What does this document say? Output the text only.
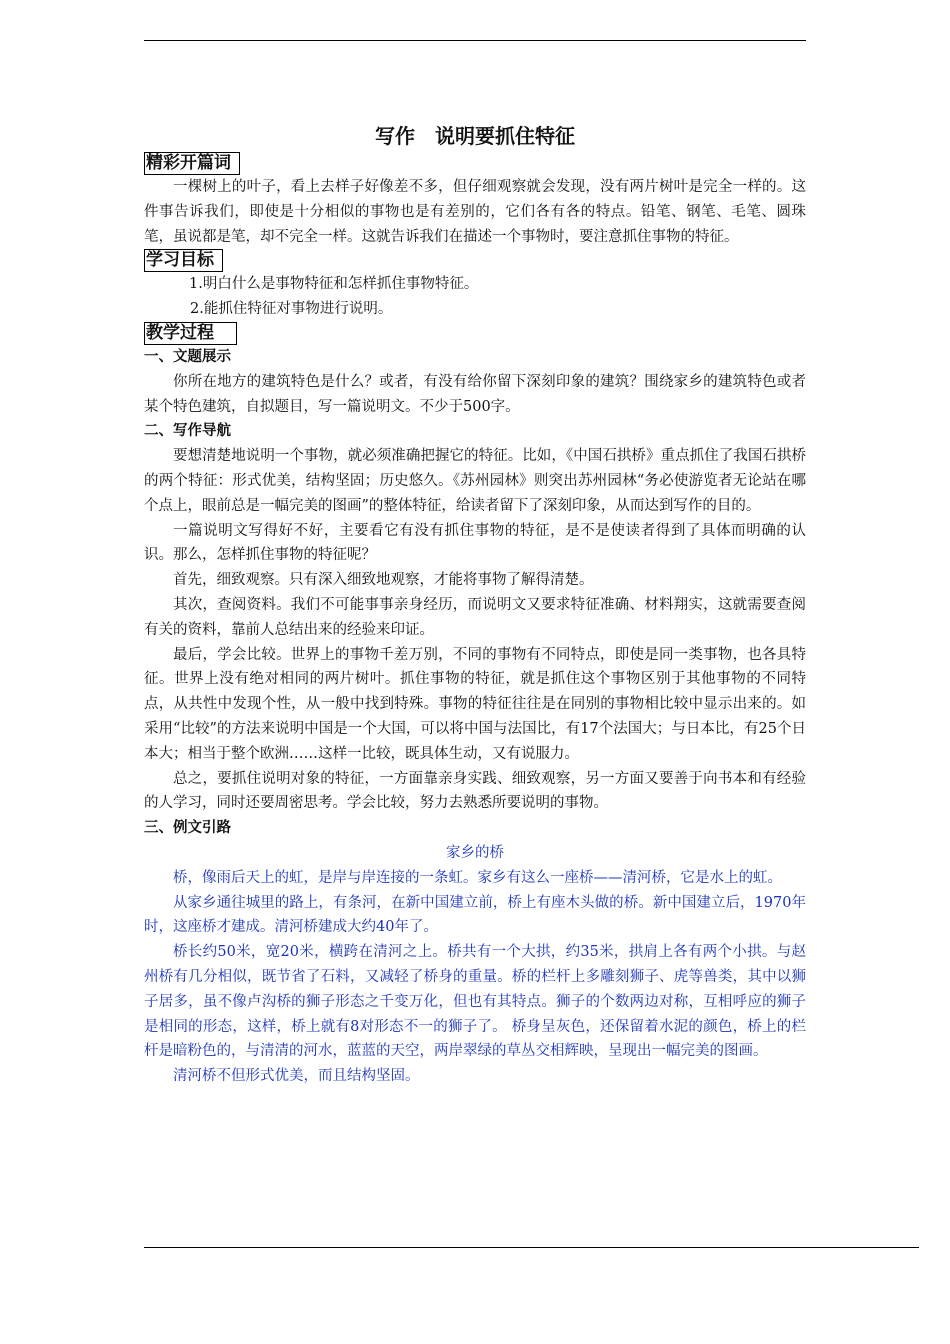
写作　说明要抓住特征
精彩开篇词

一棵树上的叶子，看上去样子好像差不多，但仔细观察就会发现，没有两片树叶是完全一样的。这件事告诉我们，即使是十分相似的事物也是有差别的，它们各有各的特点。铅笔、钢笔、毛笔、圆珠笔，虽说都是笔，却不完全一样。这就告诉我们在描述一个事物时，要注意抓住事物的特征。

学习目标

1.明白什么是事物特征和怎样抓住事物特征。

2.能抓住特征对事物进行说明。

教学过程

一、文题展示

你所在地方的建筑特色是什么？或者，有没有给你留下深刻印象的建筑？围绕家乡的建筑特色或者某个特色建筑，自拟题目，写一篇说明文。不少于500字。

二、写作导航

要想清楚地说明一个事物，就必须准确把握它的特征。比如，《中国石拱桥》重点抓住了我国石拱桥的两个特征：形式优美，结构坚固；历史悠久。《苏州园林》则突出苏州园林“务必使游览者无论站在哪个点上，眼前总是一幅完美的图画”的整体特征，给读者留下了深刻印象，从而达到写作的目的。

一篇说明文写得好不好，主要看它有没有抓住事物的特征，是不是使读者得到了具体而明确的认识。那么，怎样抓住事物的特征呢？

首先，细致观察。只有深入细致地观察，才能将事物了解得清楚。

其次，查阅资料。我们不可能事事亲身经历，而说明文又要求特征准确、材料翔实，这就需要查阅有关的资料，靠前人总结出来的经验来印证。

最后，学会比较。世界上的事物千差万别，不同的事物有不同特点，即使是同一类事物，也各具特征。世界上没有绝对相同的两片树叶。抓住事物的特征，就是抓住这个事物区别于其他事物的不同特点，从共性中发现个性，从一般中找到特殊。事物的特征往往是在同别的事物相比较中显示出来的。如采用“比较”的方法来说明中国是一个大国，可以将中国与法国比，有17个法国大；与日本比，有25个日本大；相当于整个欧洲……这样一比较，既具体生动，又有说服力。

总之，要抓住说明对象的特征，一方面靠亲身实践、细致观察，另一方面又要善于向书本和有经验的人学习，同时还要周密思考。学会比较，努力去熟悉所要说明的事物。

三、例文引路

家乡的桥

桥，像雨后天上的虹，是岸与岸连接的一条虹。家乡有这么一座桥——清河桥，它是水上的虹。

从家乡通往城里的路上，有条河，在新中国建立前，桥上有座木头做的桥。新中国建立后，1970年时，这座桥才建成。清河桥建成大约40年了。

桥长约50米，宽20米，横跨在清河之上。桥共有一个大拱，约35米，拱肩上各有两个小拱。与赵州桥有几分相似，既节省了石料，又减轻了桥身的重量。桥的栏杆上多雕刻狮子、虎等兽类，其中以狮子居多，虽不像卢沟桥的狮子形态之千变万化，但也有其特点。狮子的个数两边对称，互相呼应的狮子是相同的形态，这样，桥上就有8对形态不一的狮子了。 桥身呈灰色，还保留着水泥的颜色，桥上的栏杆是暗粉色的，与清清的河水，蓝蓝的天空，两岸翠绿的草丛交相辉映，呈现出一幅完美的图画。

清河桥不但形式优美，而且结构坚固。
